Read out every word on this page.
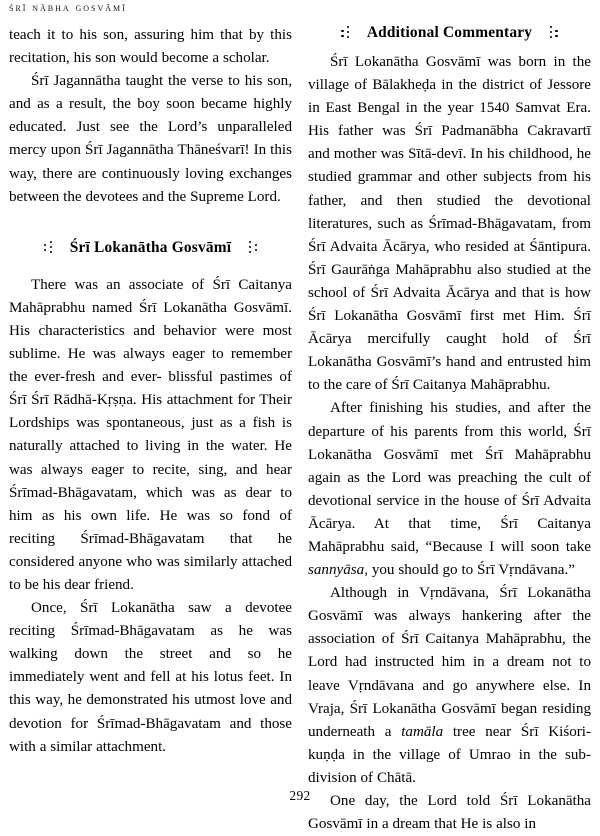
śrī nābha gosvāmī

teach it to his son, assuring him that by this recitation, his son would become a scholar.

Śrī Jagannātha taught the verse to his son, and as a result, the boy soon became highly educated. Just see the Lord’s unparalleled mercy upon Śrī Jagannātha Thāneśvarī! In this way, there are continuously loving exchanges between the devotees and the Supreme Lord.

Śrī Lokanātha Gosvāmī

There was an associate of Śrī Caitanya Mahāprabhu named Śrī Lokanātha Gosvāmī. His characteristics and behavior were most sublime. He was always eager to remember the ever-fresh and ever- blissful pastimes of Śrī Śrī Rādhā-Kṛṣṇa. His attachment for Their Lordships was spontaneous, just as a fish is naturally attached to living in the water. He was always eager to recite, sing, and hear Śrīmad-Bhāgavatam, which was as dear to him as his own life. He was so fond of reciting Śrīmad-Bhāgavatam that he considered anyone who was similarly attached to be his dear friend.

Once, Śrī Lokanātha saw a devotee reciting Śrīmad-Bhāgavatam as he was walking down the street and so he immediately went and fell at his lotus feet. In this way, he demonstrated his utmost love and devotion for Śrīmad-Bhāgavatam and those with a similar attachment.

Additional Commentary

Śrī Lokanātha Gosvāmī was born in the village of Bālakheḍa in the district of Jessore in East Bengal in the year 1540 Samvat Era. His father was Śrī Padmanābha Cakravartī and mother was Sītā-devī. In his childhood, he studied grammar and other subjects from his father, and then studied the devotional literatures, such as Śrīmad-Bhāgavatam, from Śrī Advaita Ācārya, who resided at Śāntipura. Śrī Gaurāṅga Mahāprabhu also studied at the school of Śrī Advaita Ācārya and that is how Śrī Lokanātha Gosvāmī first met Him. Śrī Ācārya mercifully caught hold of Śrī Lokanātha Gosvāmī’s hand and entrusted him to the care of Śrī Caitanya Mahāprabhu.

After finishing his studies, and after the departure of his parents from this world, Śrī Lokanātha Gosvāmī met Śrī Mahāprabhu again as the Lord was preaching the cult of devotional service in the house of Śrī Advaita Ācārya. At that time, Śrī Caitanya Mahāprabhu said, “Because I will soon take sannyāsa, you should go to Śrī Vṛndāvana.”

Although in Vṛndāvana, Śrī Lokanātha Gosvāmī was always hankering after the association of Śrī Caitanya Mahāprabhu, the Lord had instructed him in a dream not to leave Vṛndāvana and go anywhere else. In Vraja, Śrī Lokanātha Gosvāmī began residing underneath a tamāla tree near Śrī Kiśori-kuṇḍa in the village of Umrao in the sub-division of Chātā.

One day, the Lord told Śrī Lokanātha Gosvāmī in a dream that He is also in

292
